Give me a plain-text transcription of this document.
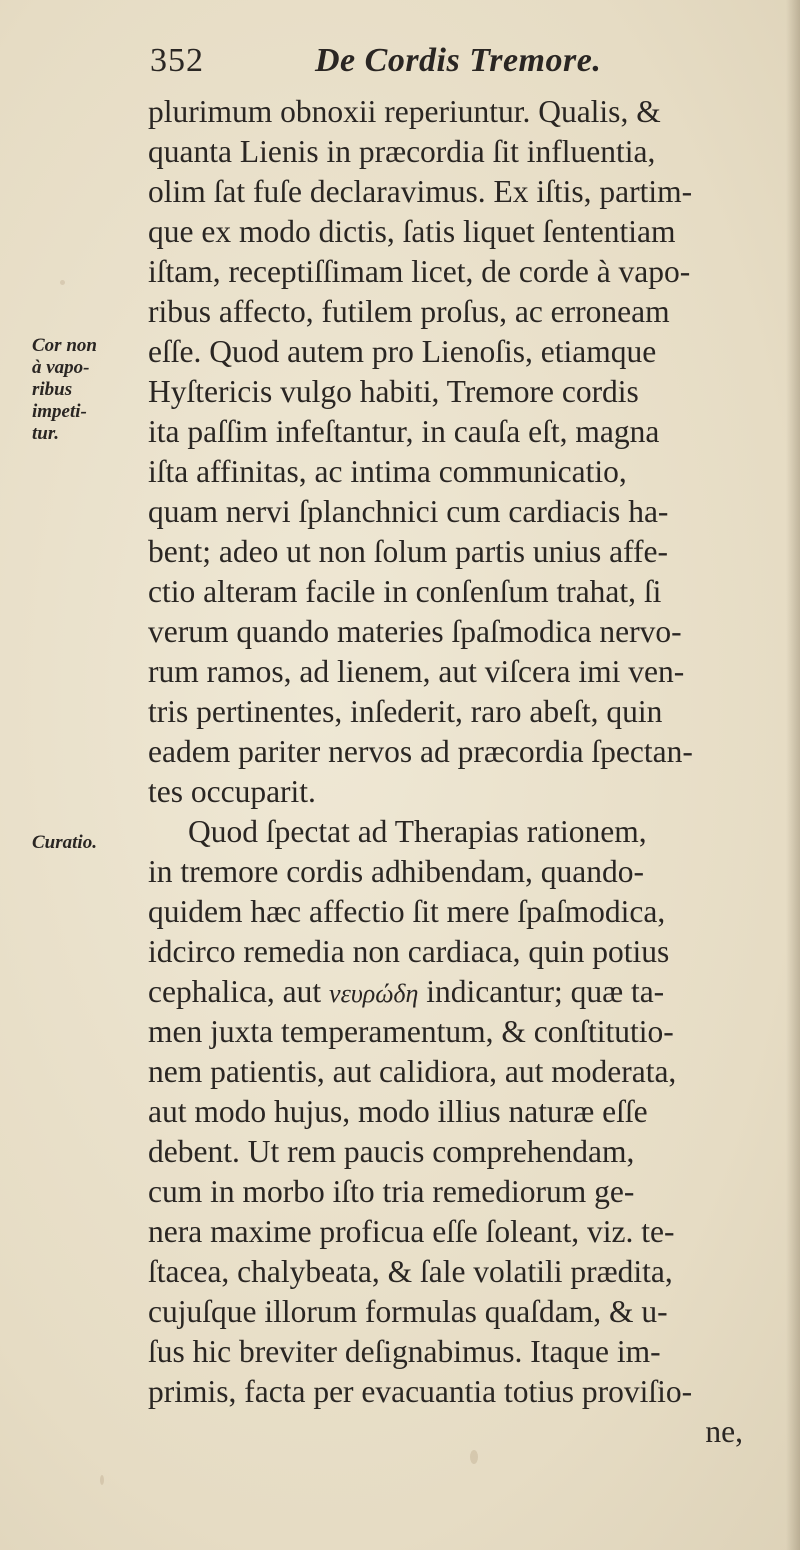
352	De Cordis Tremore.
Cor non
à vapo-
ribus
impeti-
tur.
Curatio.
plurimum obnoxii reperiuntur. Qualis, &
quanta Lienis in præcordia ſit influentia,
olim ſat fuſe declaravimus. Ex iſtis, partim-
que ex modo dictis, ſatis liquet ſententiam
iſtam, receptiſſimam licet, de corde à vapo-
ribus affecto, futilem proſus, ac erroneam
eſſe. Quod autem pro Lienoſis, etiamque
Hyſtericis vulgo habiti, Tremore cordis
ita paſſim infeſtantur, in cauſa eſt, magna
iſta affinitas, ac intima communicatio,
quam nervi ſplanchnici cum cardiacis ha-
bent; adeo ut non ſolum partis unius affe-
ctio alteram facile in conſenſum trahat, ſi
verum quando materies ſpaſmodica nervo-
rum ramos, ad lienem, aut viſcera imi ven-
tris pertinentes, inſederit, raro abeſt, quin
eadem pariter nervos ad præcordia ſpectan-
tes occuparit.
Quod ſpectat ad Therapias rationem,
in tremore cordis adhibendam, quando-
quidem hæc affectio ſit mere ſpaſmodica,
idcirco remedia non cardiaca, quin potius
cephalica, aut νευρώδη indicantur; quæ ta-
men juxta temperamentum, & conſtitutio-
nem patientis, aut calidiora, aut moderata,
aut modo hujus, modo illius naturæ eſſe
debent. Ut rem paucis comprehendam,
cum in morbo iſto tria remediorum ge-
nera maxime proficua eſſe ſoleant, viz. te-
ſtacea, chalybeata, & ſale volatili prædita,
cujuſque illorum formulas quaſdam, & u-
ſus hic breviter deſignabimus. Itaque im-
primis, facta per evacuantia totius proviſio-
ne,
